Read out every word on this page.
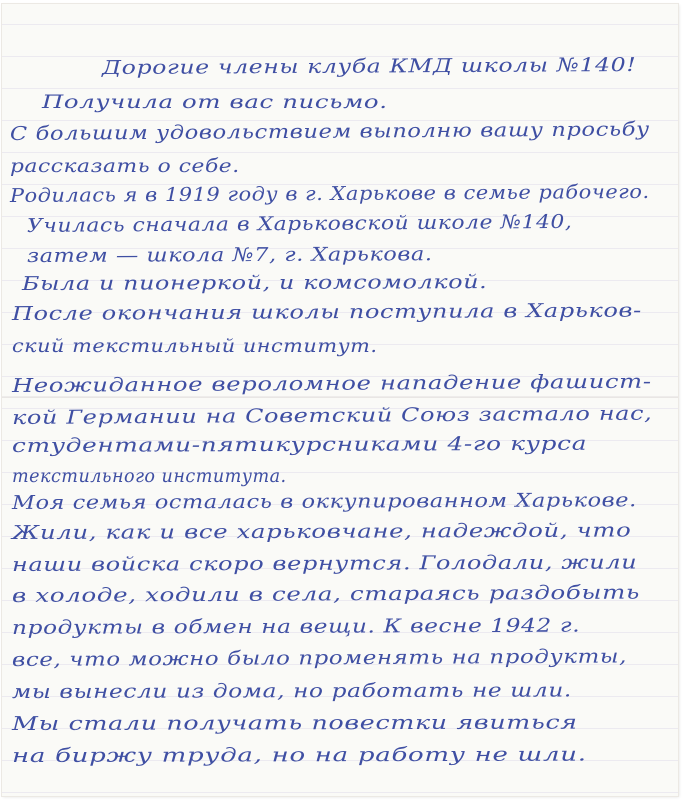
Дорогие члены клуба КМД школы №140!
Получила от вас письмо.
С большим удовольствием выполню вашу просьбу
рассказать о себе.
Родилась я в 1919 году в г. Харькове в семье рабочего.
Училась сначала в Харьковской школе №140,
затем — школа №7, г. Харькова.
Была и пионеркой, и комсомолкой.
После окончания школы поступила в Харьков-
ский текстильный институт.
Неожиданное вероломное нападение фашист-
кой Германии на Советский Союз застало нас,
студентами-пятикурсниками 4-го курса
текстильного института.
Моя семья осталась в оккупированном Харькове.
Жили, как и все харьковчане, надеждой, что
наши войска скоро вернутся. Голодали, жили
в холоде, ходили в села, стараясь раздобыть
продукты в обмен на вещи. К весне 1942 г.
все, что можно было променять на продукты,
мы вынесли из дома, но работать не шли.
Мы стали получать повестки явиться
на биржу труда, но на работу не шли.
